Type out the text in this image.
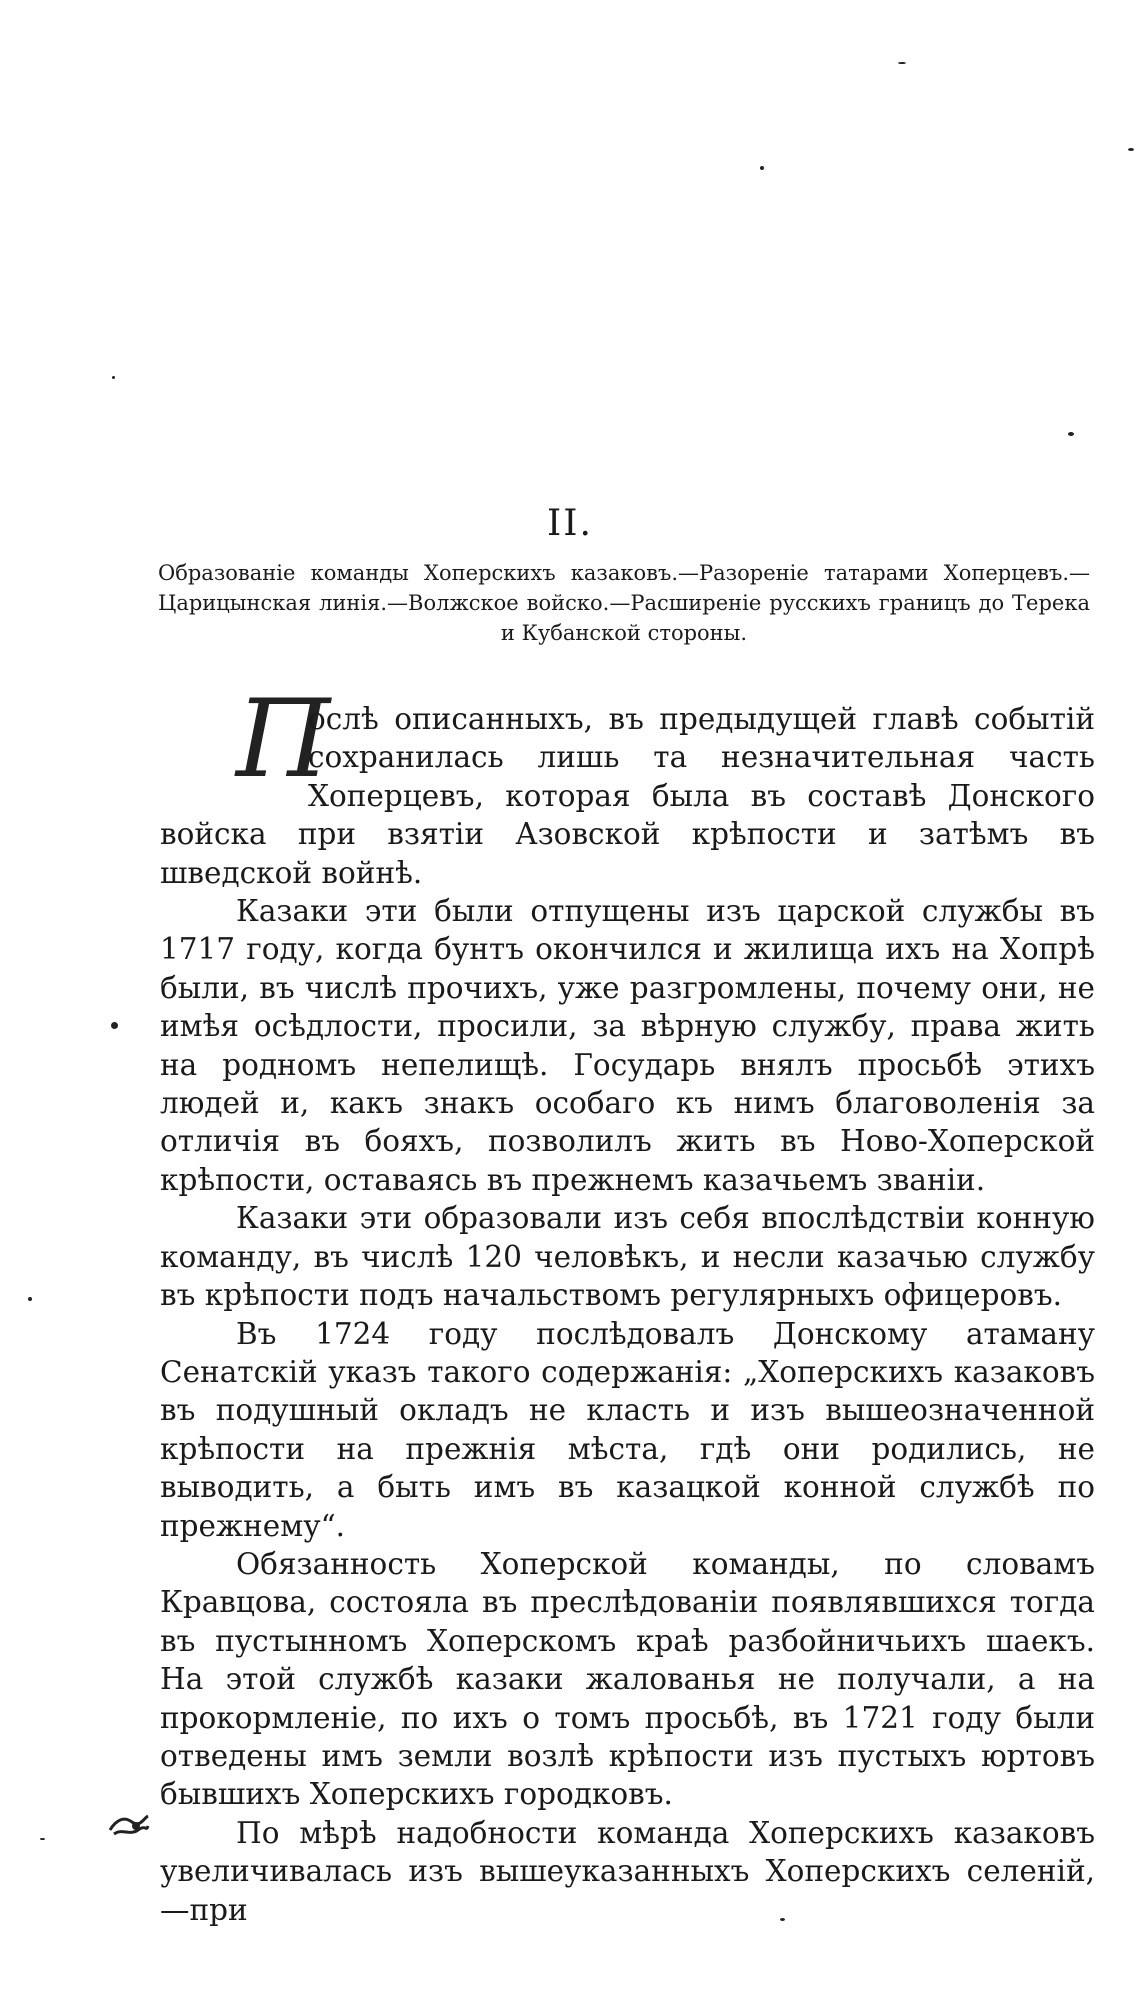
II.
Образованіе команды Хоперскихъ казаковъ.—Разореніе татарами Хоперцевъ.—Царицынская линія.—Волжское войско.—Расширеніе русскихъ границъ до Терека и Кубанской стороны.

П
ослѣ описанныхъ, въ предыдущей главѣ событій сохранилась лишь та незначительная часть Хоперцевъ, которая была въ составѣ Донского войска при взятіи Азовской крѣпости и затѣмъ въ шведской войнѣ.

Казаки эти были отпущены изъ царской службы въ 1717 году, когда бунтъ окончился и жилища ихъ на Хопрѣ были, въ числѣ прочихъ, уже разгромлены, почему они, не имѣя осѣдлости, просили, за вѣрную службу, права жить на родномъ непелищѣ. Государь внялъ просьбѣ этихъ людей и, какъ знакъ особаго къ нимъ благоволенія за отличія въ бояхъ, позволилъ жить въ Ново-Хоперской крѣпости, оставаясь въ прежнемъ казачьемъ званіи.

Казаки эти образовали изъ себя впослѣдствіи конную команду, въ числѣ 120 человѣкъ, и несли казачью службу въ крѣпости подъ начальствомъ регулярныхъ офицеровъ.

Въ 1724 году послѣдовалъ Донскому атаману Сенатскій указъ такого содержанія: „Хоперскихъ казаковъ въ подушный окладъ не класть и изъ вышеозначенной крѣпости на прежнія мѣста, гдѣ они родились, не выводить, а быть имъ въ казацкой конной службѣ по прежнему“.

Обязанность Хоперской команды, по словамъ Кравцова, состояла въ преслѣдованіи появлявшихся тогда въ пустынномъ Хоперскомъ краѣ разбойничьихъ шаекъ. На этой службѣ казаки жалованья не получали, а на прокормленіе, по ихъ о томъ просьбѣ, въ 1721 году были отведены имъ земли возлѣ крѣпости изъ пустыхъ юртовъ бывшихъ Хоперскихъ городковъ.

По мѣрѣ надобности команда Хоперскихъ казаковъ увеличивалась изъ вышеуказанныхъ Хоперскихъ селеній,—при
